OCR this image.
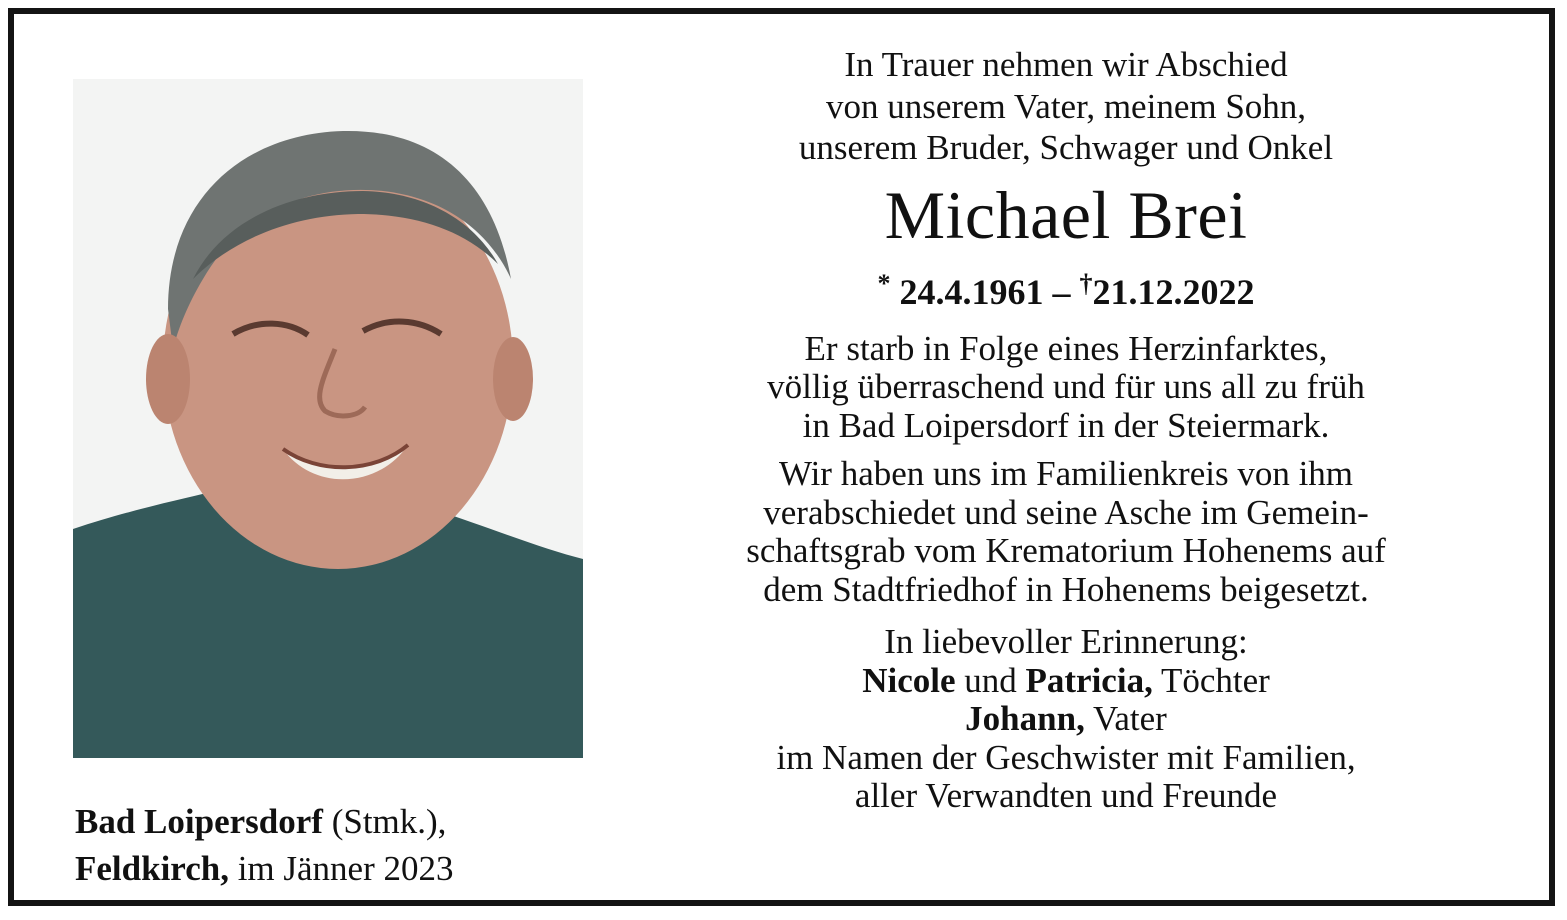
Bad Loipersdorf (Stmk.),
Feldkirch, im Jänner 2023
In Trauer nehmen wir Abschied
von unserem Vater, meinem Sohn,
unserem Bruder, Schwager und Onkel
Michael Brei
* 24.4.1961 – †21.12.2022
Er starb in Folge eines Herzinfarktes,
völlig überraschend und für uns all zu früh
in Bad Loipersdorf in der Steiermark.
Wir haben uns im Familienkreis von ihm
verabschiedet und seine Asche im Gemein-
schaftsgrab vom Krematorium Hohenems auf
dem Stadtfriedhof in Hohenems beigesetzt.
In liebevoller Erinnerung:
Nicole und Patricia, Töchter
Johann, Vater
im Namen der Geschwister mit Familien,
aller Verwandten und Freunde
